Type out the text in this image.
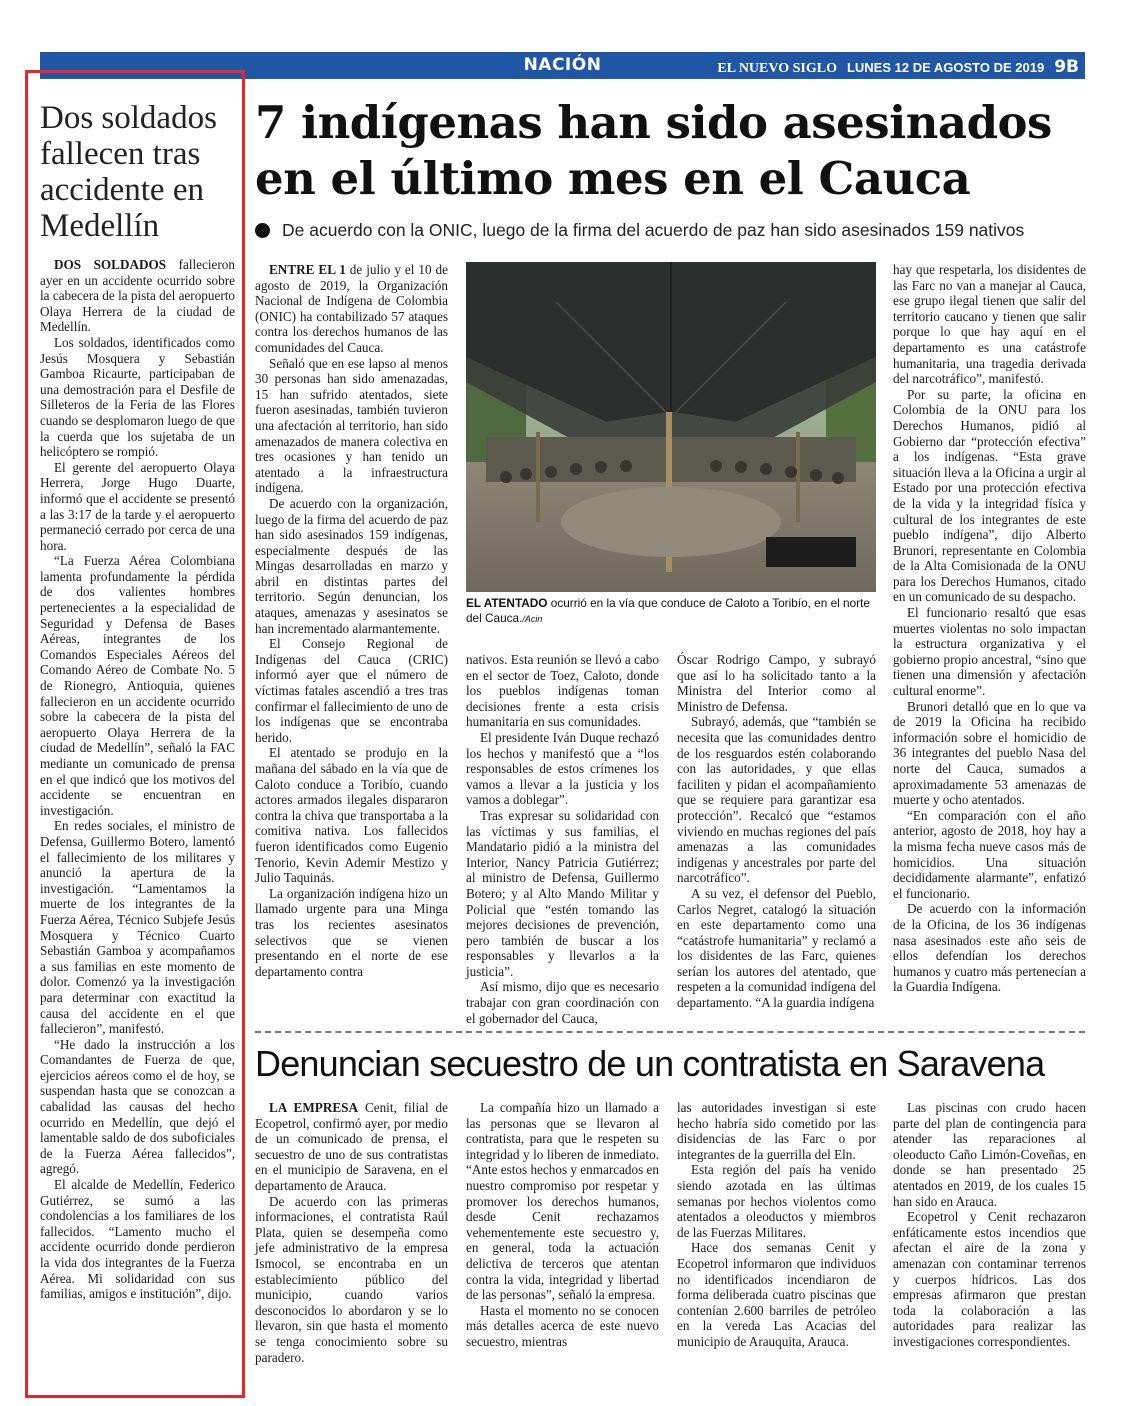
NACIÓN	EL NUEVO SIGLO LUNES 12 DE AGOSTO DE 2019 9B
Dos soldados fallecen tras accidente en Medellín

DOS SOLDADOS fallecieron ayer en un accidente ocurrido sobre la cabecera de la pista del aeropuerto Olaya Herrera de la ciudad de Medellín.

Los soldados, identificados como Jesús Mosquera y Sebastián Gamboa Ricaurte, participaban de una demostración para el Desfile de Silleteros de la Feria de las Flores cuando se desplomaron luego de que la cuerda que los sujetaba de un helicóptero se rompió.

El gerente del aeropuerto Olaya Herrera, Jorge Hugo Duarte, informó que el accidente se presentó a las 3:17 de la tarde y el aeropuerto permaneció cerrado por cerca de una hora.

“La Fuerza Aérea Colombiana lamenta profundamente la pérdida de dos valientes hombres pertenecientes a la especialidad de Seguridad y Defensa de Bases Aéreas, integrantes de los Comandos Especiales Aéreos del Comando Aéreo de Combate No. 5 de Rionegro, Antioquia, quienes fallecieron en un accidente ocurrido sobre la cabecera de la pista del aeropuerto Olaya Herrera de la ciudad de Medellín”, señaló la FAC mediante un comunicado de prensa en el que indicó que los motivos del accidente se encuentran en investigación.

En redes sociales, el ministro de Defensa, Guillermo Botero, lamentó el fallecimiento de los militares y anunció la apertura de la investigación. “Lamentamos la muerte de los integrantes de la Fuerza Aérea, Técnico Subjefe Jesús Mosquera y Técnico Cuarto Sebastián Gamboa y acompañamos a sus familias en este momento de dolor. Comenzó ya la investigación para determinar con exactitud la causa del accidente en el que fallecieron”, manifestó.

“He dado la instrucción a los Comandantes de Fuerza de que, ejercicios aéreos como el de hoy, se suspendan hasta que se conozcan a cabalidad las causas del hecho ocurrido en Medellín, que dejó el lamentable saldo de dos suboficiales de la Fuerza Aérea fallecidos”, agregó.

El alcalde de Medellín, Federico Gutiérrez, se sumó a las condolencias a los familiares de los fallecidos. “Lamento mucho el accidente ocurrido donde perdieron la vida dos integrantes de la Fuerza Aérea. Mi solidaridad con sus familias, amigos e institución”, dijo.

7 indígenas han sido asesinados en el último mes en el Cauca
De acuerdo con la ONIC, luego de la firma del acuerdo de paz han sido asesinados 159 nativos

ENTRE EL 1 de julio y el 10 de agosto de 2019, la Organización Nacional de Indígena de Colombia (ONIC) ha contabilizado 57 ataques contra los derechos humanos de las comunidades del Cauca.

Señaló que en ese lapso al menos 30 personas han sido amenazadas, 15 han sufrido atentados, siete fueron asesinadas, también tuvieron una afectación al territorio, han sido amenazados de manera colectiva en tres ocasiones y han tenido un atentado a la infraestructura indígena.

De acuerdo con la organización, luego de la firma del acuerdo de paz han sido asesinados 159 indígenas, especialmente después de las Mingas desarrolladas en marzo y abril en distintas partes del territorio. Según denuncian, los ataques, amenazas y asesinatos se han incrementado alarmantemente.

El Consejo Regional de Indígenas del Cauca (CRIC) informó ayer que el número de víctimas fatales ascendió a tres tras confirmar el fallecimiento de uno de los indígenas que se encontraba herido.

El atentado se produjo en la mañana del sábado en la vía que de Caloto conduce a Toribío, cuando actores armados ilegales dispararon contra la chiva que transportaba a la comitiva nativa. Los fallecidos fueron identificados como Eugenio Tenorio, Kevin Ademir Mestizo y Julio Taquinás.

La organización indígena hizo un llamado urgente para una Minga tras los recientes asesinatos selectivos que se vienen presentando en el norte de ese departamento contra

EL ATENTADO ocurrió en la vía que conduce de Caloto a Toribío, en el norte del Cauca./Acin

nativos. Esta reunión se llevó a cabo en el sector de Toez, Caloto, donde los pueblos indígenas toman decisiones frente a esta crisis humanitaria en sus comunidades.

El presidente Iván Duque rechazó los hechos y manifestó que a “los responsables de estos crímenes los vamos a llevar a la justicia y los vamos a doblegar”.

Tras expresar su solidaridad con las víctimas y sus familias, el Mandatario pidió a la ministra del Interior, Nancy Patricia Gutiérrez; al ministro de Defensa, Guillermo Botero; y al Alto Mando Militar y Policial que “estén tomando las mejores decisiones de prevención, pero también de buscar a los responsables y llevarlos a la justicia”.

Así mismo, dijo que es necesario trabajar con gran coordinación con el gobernador del Cauca,

Óscar Rodrigo Campo, y subrayó que así lo ha solicitado tanto a la Ministra del Interior como al Ministro de Defensa.

Subrayó, además, que “también se necesita que las comunidades dentro de los resguardos estén colaborando con las autoridades, y que ellas faciliten y pidan el acompañamiento que se requiere para garantizar esa protección”. Recalcó que “estamos viviendo en muchas regiones del país amenazas a las comunidades indígenas y ancestrales por parte del narcotráfico”.

A su vez, el defensor del Pueblo, Carlos Negret, catalogó la situación en este departamento como una “catástrofe humanitaria” y reclamó a los disidentes de las Farc, quienes serían los autores del atentado, que respeten a la comunidad indígena del departamento. “A la guardia indígena

hay que respetarla, los disidentes de las Farc no van a manejar al Cauca, ese grupo ilegal tienen que salir del territorio caucano y tienen que salir porque lo que hay aquí en el departamento es una catástrofe humanitaria, una tragedia derivada del narcotráfico”, manifestó.

Por su parte, la oficina en Colombia de la ONU para los Derechos Humanos, pidió al Gobierno dar “protección efectiva” a los indígenas. “Esta grave situación lleva a la Oficina a urgir al Estado por una protección efectiva de la vida y la integridad física y cultural de los integrantes de este pueblo indígena”, dijo Alberto Brunori, representante en Colombia de la Alta Comisionada de la ONU para los Derechos Humanos, citado en un comunicado de su despacho.

El funcionario resaltó que esas muertes violentas no solo impactan la estructura organizativa y el gobierno propio ancestral, “sino que tienen una dimensión y afectación cultural enorme”.

Brunori detalló que en lo que va de 2019 la Oficina ha recibido información sobre el homicidio de 36 integrantes del pueblo Nasa del norte del Cauca, sumados a aproximadamente 53 amenazas de muerte y ocho atentados.

“En comparación con el año anterior, agosto de 2018, hoy hay a la misma fecha nueve casos más de homicidios. Una situación decididamente alarmante”, enfatizó el funcionario.

De acuerdo con la información de la Oficina, de los 36 indígenas nasa asesinados este año seis de ellos defendían los derechos humanos y cuatro más pertenecían a la Guardia Indígena.

Denuncian secuestro de un contratista en Saravena

LA EMPRESA Cenit, filial de Ecopetrol, confirmó ayer, por medio de un comunicado de prensa, el secuestro de uno de sus contratistas en el municipio de Saravena, en el departamento de Arauca.

De acuerdo con las primeras informaciones, el contratista Raúl Plata, quien se desempeña como jefe administrativo de la empresa Ismocol, se encontraba en un establecimiento público del municipio, cuando varios desconocidos lo abordaron y se lo llevaron, sin que hasta el momento se tenga conocimiento sobre su paradero.

La compañía hizo un llamado a las personas que se llevaron al contratista, para que le respeten su integridad y lo liberen de inmediato. “Ante estos hechos y enmarcados en nuestro compromiso por respetar y promover los derechos humanos, desde Cenit rechazamos vehementemente este secuestro y, en general, toda la actuación delictiva de terceros que atentan contra la vida, integridad y libertad de las personas”, señaló la empresa.

Hasta el momento no se conocen más detalles acerca de este nuevo secuestro, mientras

las autoridades investigan si este hecho habría sido cometido por las disidencias de las Farc o por integrantes de la guerrilla del Eln.

Esta región del país ha venido siendo azotada en las últimas semanas por hechos violentos como atentados a oleoductos y miembros de las Fuerzas Militares.

Hace dos semanas Cenit y Ecopetrol informaron que individuos no identificados incendiaron de forma deliberada cuatro piscinas que contenían 2.600 barriles de petróleo en la vereda Las Acacias del municipio de Arauquita, Arauca.

Las piscinas con crudo hacen parte del plan de contingencia para atender las reparaciones al oleoducto Caño Limón-Coveñas, en donde se han presentado 25 atentados en 2019, de los cuales 15 han sido en Arauca.

Ecopetrol y Cenit rechazaron enfáticamente estos incendios que afectan el aire de la zona y amenazan con contaminar terrenos y cuerpos hídricos. Las dos empresas afirmaron que prestan toda la colaboración a las autoridades para realizar las investigaciones correspondientes.
